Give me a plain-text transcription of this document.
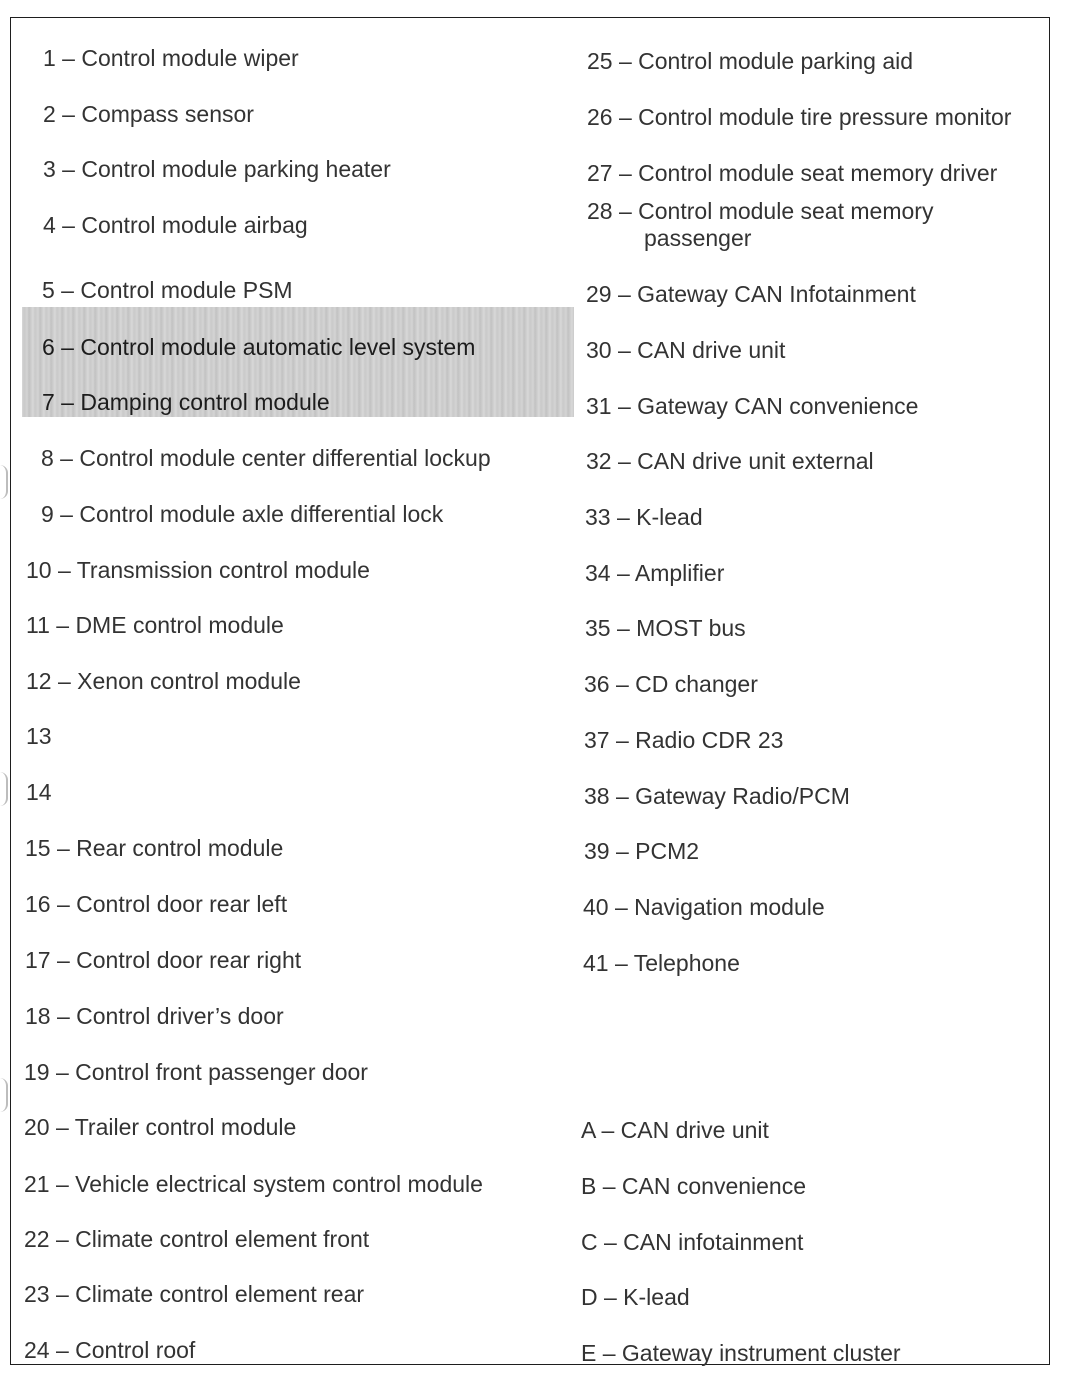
1 – Control module wiper
2 – Compass sensor
3 – Control module parking heater
4 – Control module airbag
5 – Control module PSM
6 – Control module automatic level system
7 – Damping control module
8 – Control module center differential lockup
9 – Control module axle differential lock
10 – Transmission control module
11 – DME control module
12 – Xenon control module
13
14
15 – Rear control module
16 – Control door rear left
17 – Control door rear right
18 – Control driver’s door
19 – Control front passenger door
20 – Trailer control module
21 – Vehicle electrical system control module
22 – Climate control element front
23 – Climate control element rear
24 – Control roof
25 – Control module parking aid
26 – Control module tire pressure monitor
27 – Control module seat memory driver
28 – Control module seat memory
passenger
29 – Gateway CAN Infotainment
30 – CAN drive unit
31 – Gateway CAN convenience
32 – CAN drive unit external
33 – K-lead
34 – Amplifier
35 – MOST bus
36 – CD changer
37 – Radio CDR 23
38 – Gateway Radio/PCM
39 – PCM2
40 – Navigation module
41 – Telephone
A – CAN drive unit
B – CAN convenience
C – CAN infotainment
D – K-lead
E – Gateway instrument cluster
